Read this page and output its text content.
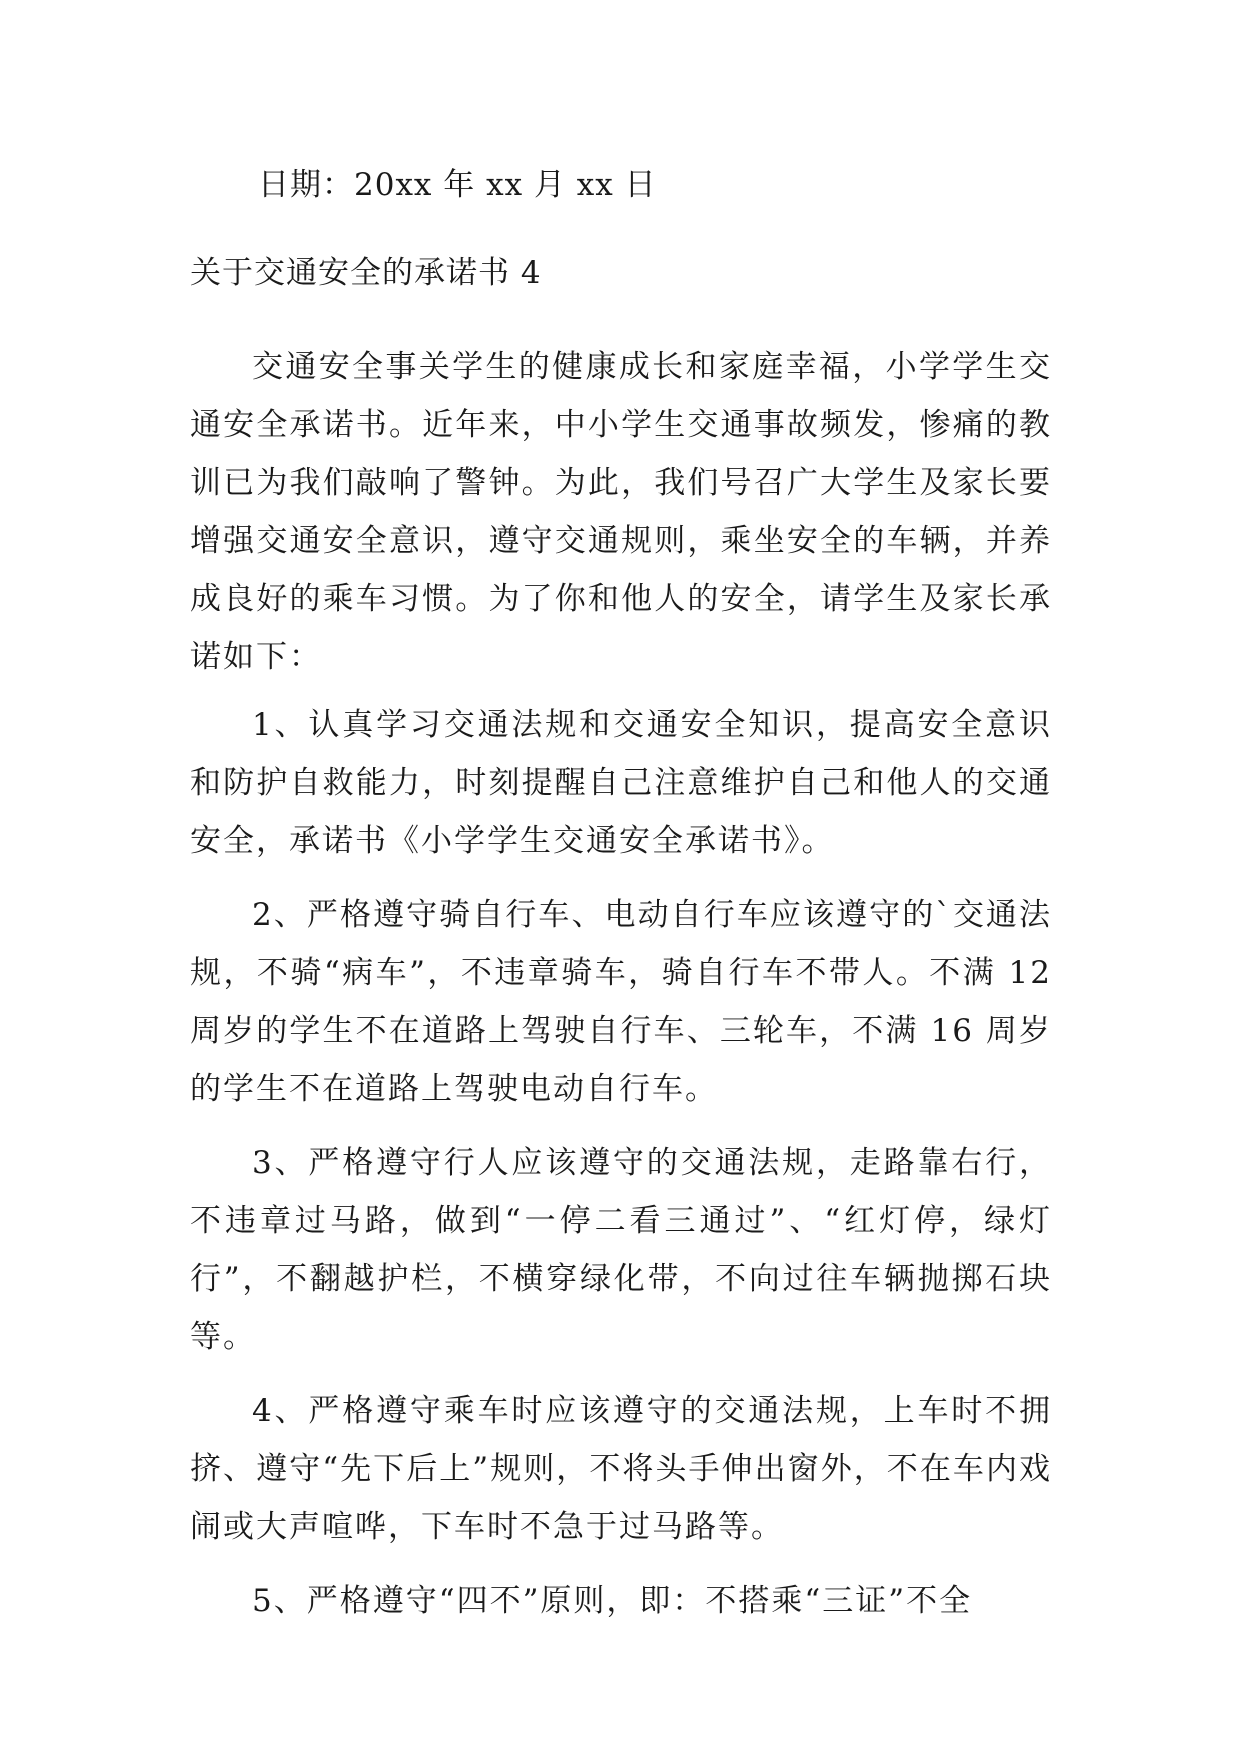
日期：20xx 年 xx 月 xx 日
关于交通安全的承诺书 4

交通安全事关学生的健康成长和家庭幸福，小学学生交通安全承诺书。近年来，中小学生交通事故频发，惨痛的教训已为我们敲响了警钟。为此，我们号召广大学生及家长要增强交通安全意识，遵守交通规则，乘坐安全的车辆，并养成良好的乘车习惯。为了你和他人的安全，请学生及家长承诺如下：

1、认真学习交通法规和交通安全知识，提高安全意识和防护自救能力，时刻提醒自己注意维护自己和他人的交通安全，承诺书《小学学生交通安全承诺书》。

2、严格遵守骑自行车、电动自行车应该遵守的`交通法规，不骑“病车”，不违章骑车，骑自行车不带人。不满 12 周岁的学生不在道路上驾驶自行车、三轮车，不满 16 周岁的学生不在道路上驾驶电动自行车。

3、严格遵守行人应该遵守的交通法规，走路靠右行，不违章过马路，做到“一停二看三通过”、“红灯停，绿灯行”，不翻越护栏，不横穿绿化带，不向过往车辆抛掷石块等。

4、严格遵守乘车时应该遵守的交通法规，上车时不拥挤、遵守“先下后上”规则，不将头手伸出窗外，不在车内戏闹或大声喧哗，下车时不急于过马路等。

5、严格遵守“四不”原则，即：不搭乘“三证”不全
